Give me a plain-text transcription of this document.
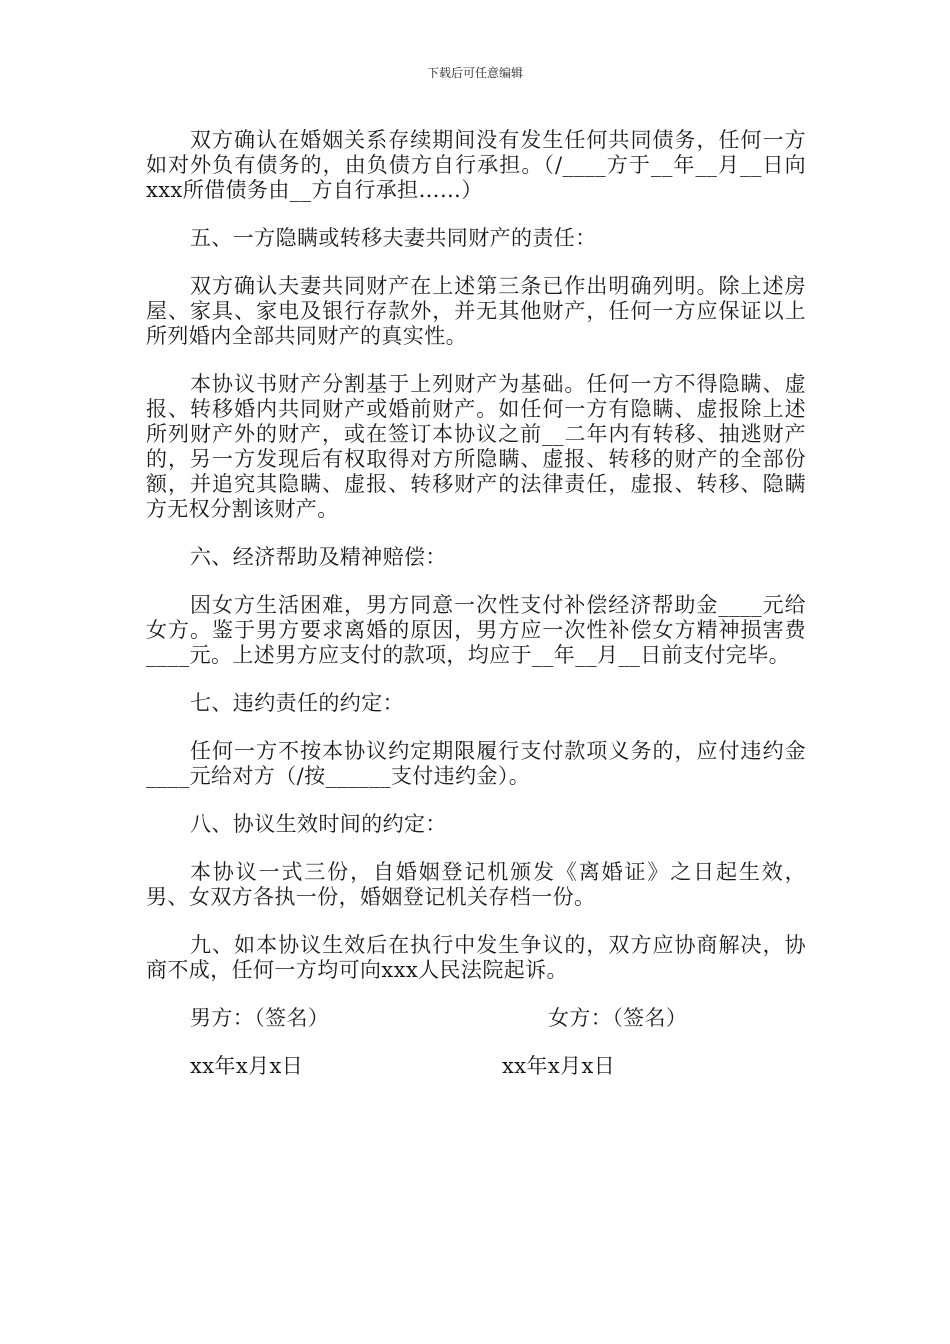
下载后可任意编辑

双方确认在婚姻关系存续期间没有发生任何共同债务，任何一方如对外负有债务的，由负债方自行承担。（/____方于__年__月__日向xxx所借债务由__方自行承担……）

五、一方隐瞒或转移夫妻共同财产的责任：

双方确认夫妻共同财产在上述第三条已作出明确列明。除上述房屋、家具、家电及银行存款外，并无其他财产，任何一方应保证以上所列婚内全部共同财产的真实性。

本协议书财产分割基于上列财产为基础。任何一方不得隐瞒、虚报、转移婚内共同财产或婚前财产。如任何一方有隐瞒、虚报除上述所列财产外的财产，或在签订本协议之前__二年内有转移、抽逃财产的，另一方发现后有权取得对方所隐瞒、虚报、转移的财产的全部份额，并追究其隐瞒、虚报、转移财产的法律责任，虚报、转移、隐瞒方无权分割该财产。

六、经济帮助及精神赔偿：

因女方生活困难，男方同意一次性支付补偿经济帮助金____元给女方。鉴于男方要求离婚的原因，男方应一次性补偿女方精神损害费____元。上述男方应支付的款项，均应于__年__月__日前支付完毕。

七、违约责任的约定：

任何一方不按本协议约定期限履行支付款项义务的，应付违约金____元给对方（/按______支付违约金）。

八、协议生效时间的约定：

本协议一式三份，自婚姻登记机颁发《离婚证》之日起生效，男、女双方各执一份，婚姻登记机关存档一份。

九、如本协议生效后在执行中发生争议的，双方应协商解决，协商不成，任何一方均可向xxx人民法院起诉。

男方：（签名）	女方：（签名）
xx年x月x日	xx年x月x日
